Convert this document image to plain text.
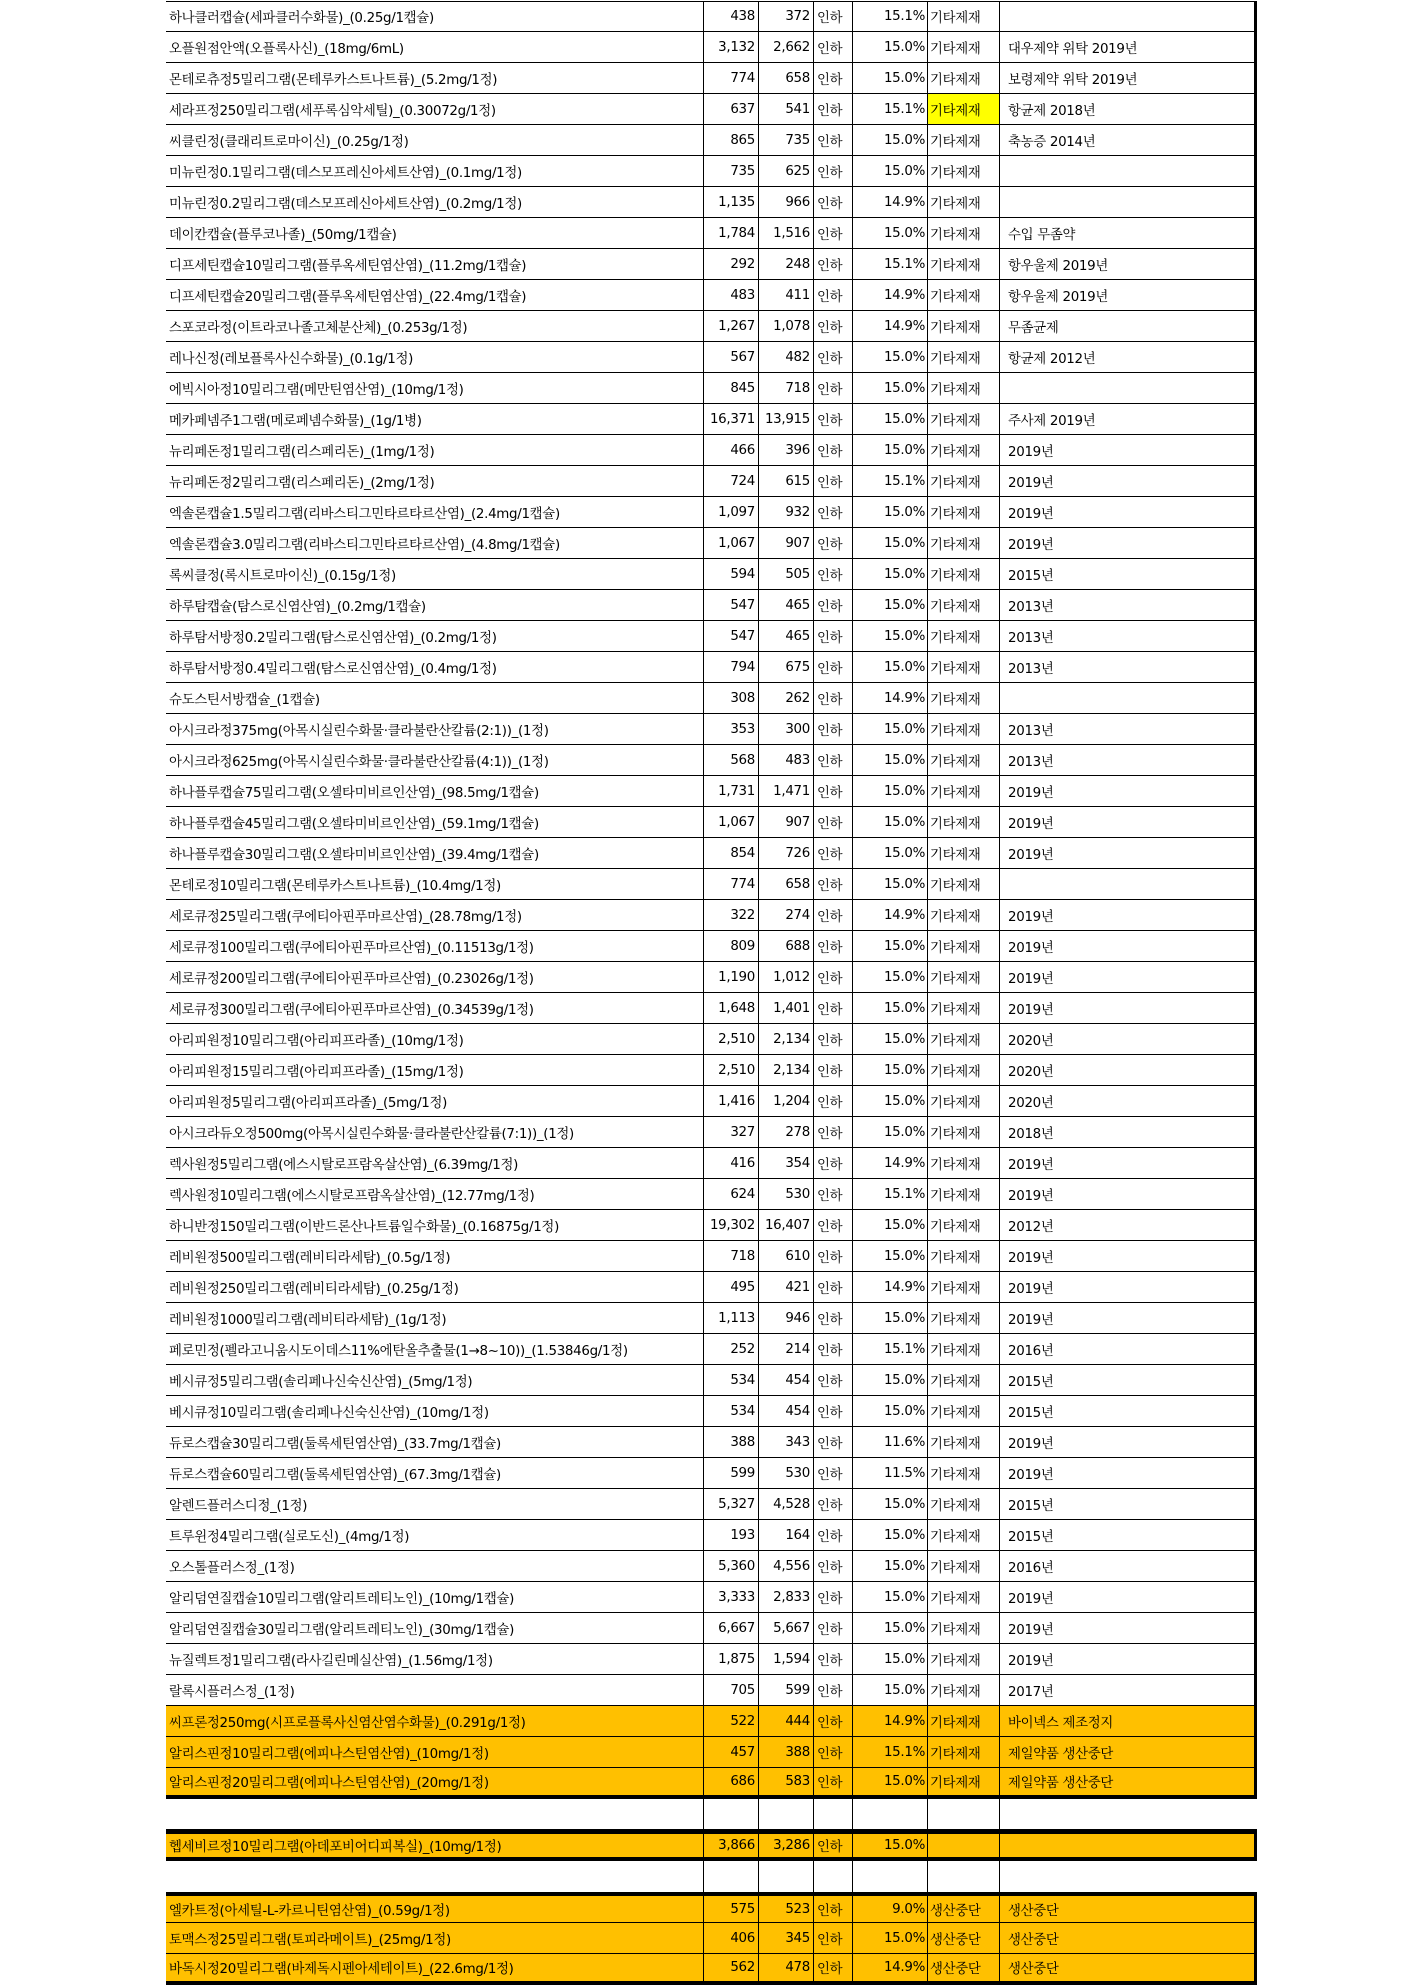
하나클러캡슐(세파클러수화물)_(0.25g/1캡슐)	438	372 인하	15.1% 기타제재
오플원점안액(오플록사신)_(18mg/6mL)	3,132	2,662 인하	15.0% 기타제재	대우제약 위탁 2019년
몬테로츄정5밀리그램(몬테루카스트나트륨)_(5.2mg/1정)	774	658 인하	15.0% 기타제재	보령제약 위탁 2019년
세라프정250밀리그램(세푸록심악세틸)_(0.30072g/1정)	637	541 인하	15.1% 기타제재	항균제 2018년
씨클린정(클래리트로마이신)_(0.25g/1정)	865	735 인하	15.0% 기타제재	축농증 2014년
미뉴린정0.1밀리그램(데스모프레신아세트산염)_(0.1mg/1정)	735	625 인하	15.0% 기타제재
미뉴린정0.2밀리그램(데스모프레신아세트산염)_(0.2mg/1정)	1,135	966 인하	14.9% 기타제재
데이칸캡슐(플루코나졸)_(50mg/1캡슐)	1,784	1,516 인하	15.0% 기타제재	수입 무좀약
디프세틴캡슐10밀리그램(플루옥세틴염산염)_(11.2mg/1캡슐)	292	248 인하	15.1% 기타제재	항우울제 2019년
디프세틴캡슐20밀리그램(플루옥세틴염산염)_(22.4mg/1캡슐)	483	411 인하	14.9% 기타제재	항우울제 2019년
스포코라정(이트라코나졸고체분산체)_(0.253g/1정)	1,267	1,078 인하	14.9% 기타제재	무좀균제
레나신정(레보플록사신수화물)_(0.1g/1정)	567	482 인하	15.0% 기타제재	항균제 2012년
에빅시아정10밀리그램(메만틴염산염)_(10mg/1정)	845	718 인하	15.0% 기타제재
메카페넴주1그램(메로페넴수화물)_(1g/1병)	16,371 13,915 인하	15.0% 기타제재	주사제 2019년
뉴리페돈정1밀리그램(리스페리돈)_(1mg/1정)	466	396 인하	15.0% 기타제재	2019년
뉴리페돈정2밀리그램(리스페리돈)_(2mg/1정)	724	615 인하	15.1% 기타제재	2019년
엑솔론캡슐1.5밀리그램(리바스티그민타르타르산염)_(2.4mg/1캡슐)	1,097	932 인하	15.0% 기타제재	2019년
엑솔론캡슐3.0밀리그램(리바스티그민타르타르산염)_(4.8mg/1캡슐)	1,067	907 인하	15.0% 기타제재	2019년
록씨클정(록시트로마이신)_(0.15g/1정)	594	505 인하	15.0% 기타제재	2015년
하루탐캡슐(탐스로신염산염)_(0.2mg/1캡슐)	547	465 인하	15.0% 기타제재	2013년
하루탐서방정0.2밀리그램(탐스로신염산염)_(0.2mg/1정)	547	465 인하	15.0% 기타제재	2013년
하루탐서방정0.4밀리그램(탐스로신염산염)_(0.4mg/1정)	794	675 인하	15.0% 기타제재	2013년
슈도스틴서방캡슐_(1캡슐)	308	262 인하	14.9% 기타제재
아시크라정375mg(아목시실린수화물·클라불란산칼륨(2:1))_(1정)	353	300 인하	15.0% 기타제재	2013년
아시크라정625mg(아목시실린수화물·클라불란산칼륨(4:1))_(1정)	568	483 인하	15.0% 기타제재	2013년
하나플루캡슐75밀리그램(오셀타미비르인산염)_(98.5mg/1캡슐)	1,731	1,471 인하	15.0% 기타제재	2019년
하나플루캡슐45밀리그램(오셀타미비르인산염)_(59.1mg/1캡슐)	1,067	907 인하	15.0% 기타제재	2019년
하나플루캡슐30밀리그램(오셀타미비르인산염)_(39.4mg/1캡슐)	854	726 인하	15.0% 기타제재	2019년
몬테로정10밀리그램(몬테루카스트나트륨)_(10.4mg/1정)	774	658 인하	15.0% 기타제재
세로큐정25밀리그램(쿠에티아핀푸마르산염)_(28.78mg/1정)	322	274 인하	14.9% 기타제재	2019년
세로큐정100밀리그램(쿠에티아핀푸마르산염)_(0.11513g/1정)	809	688 인하	15.0% 기타제재	2019년
세로큐정200밀리그램(쿠에티아핀푸마르산염)_(0.23026g/1정)	1,190	1,012 인하	15.0% 기타제재	2019년
세로큐정300밀리그램(쿠에티아핀푸마르산염)_(0.34539g/1정)	1,648	1,401 인하	15.0% 기타제재	2019년
아리피원정10밀리그램(아리피프라졸)_(10mg/1정)	2,510	2,134 인하	15.0% 기타제재	2020년
아리피원정15밀리그램(아리피프라졸)_(15mg/1정)	2,510	2,134 인하	15.0% 기타제재	2020년
아리피원정5밀리그램(아리피프라졸)_(5mg/1정)	1,416	1,204 인하	15.0% 기타제재	2020년
아시크라듀오정500mg(아목시실린수화물·클라불란산칼륨(7:1))_(1정)	327	278 인하	15.0% 기타제재	2018년
렉사원정5밀리그램(에스시탈로프람옥살산염)_(6.39mg/1정)	416	354 인하	14.9% 기타제재	2019년
렉사원정10밀리그램(에스시탈로프람옥살산염)_(12.77mg/1정)	624	530 인하	15.1% 기타제재	2019년
하니반정150밀리그램(이반드론산나트륨일수화물)_(0.16875g/1정)	19,302 16,407 인하	15.0% 기타제재	2012년
레비원정500밀리그램(레비티라세탐)_(0.5g/1정)	718	610 인하	15.0% 기타제재	2019년
레비원정250밀리그램(레비티라세탐)_(0.25g/1정)	495	421 인하	14.9% 기타제재	2019년
레비원정1000밀리그램(레비티라세탐)_(1g/1정)	1,113	946 인하	15.0% 기타제재	2019년
페로민정(펠라고니움시도이데스11%에탄올추출물(1→8~10))_(1.53846g/1정)	252	214 인하	15.1% 기타제재	2016년
베시큐정5밀리그램(솔리페나신숙신산염)_(5mg/1정)	534	454 인하	15.0% 기타제재	2015년
베시큐정10밀리그램(솔리페나신숙신산염)_(10mg/1정)	534	454 인하	15.0% 기타제재	2015년
듀로스캡슐30밀리그램(둘록세틴염산염)_(33.7mg/1캡슐)	388	343 인하	11.6% 기타제재	2019년
듀로스캡슐60밀리그램(둘록세틴염산염)_(67.3mg/1캡슐)	599	530 인하	11.5% 기타제재	2019년
알렌드플러스디정_(1정)	5,327	4,528 인하	15.0% 기타제재	2015년
트루윈정4밀리그램(실로도신)_(4mg/1정)	193	164 인하	15.0% 기타제재	2015년
오스톨플러스정_(1정)	5,360	4,556 인하	15.0% 기타제재	2016년
알리덤연질캡슐10밀리그램(알리트레티노인)_(10mg/1캡슐)	3,333	2,833 인하	15.0% 기타제재	2019년
알리덤연질캡슐30밀리그램(알리트레티노인)_(30mg/1캡슐)	6,667	5,667 인하	15.0% 기타제재	2019년
뉴질렉트정1밀리그램(라사길린메실산염)_(1.56mg/1정)	1,875	1,594 인하	15.0% 기타제재	2019년
랄록시플러스정_(1정)	705	599 인하	15.0% 기타제재	2017년
씨프론정250mg(시프로플록사신염산염수화물)_(0.291g/1정)	522	444 인하	14.9% 기타제재	바이넥스 제조정지
알리스핀정10밀리그램(에피나스틴염산염)_(10mg/1정)	457	388 인하	15.1% 기타제재	제일약품 생산중단
알리스핀정20밀리그램(에피나스틴염산염)_(20mg/1정)	686	583 인하	15.0% 기타제재	제일약품 생산중단
헵세비르정10밀리그램(아데포비어디피복실)_(10mg/1정)	3,866	3,286 인하	15.0%
엘카트정(아세틸-L-카르니틴염산염)_(0.59g/1정)	575	523 인하	9.0% 생산중단	생산중단
토맥스정25밀리그램(토피라메이트)_(25mg/1정)	406	345 인하	15.0% 생산중단	생산중단
바독시정20밀리그램(바제독시펜아세테이트)_(22.6mg/1정)	562	478 인하	14.9% 생산중단	생산중단
